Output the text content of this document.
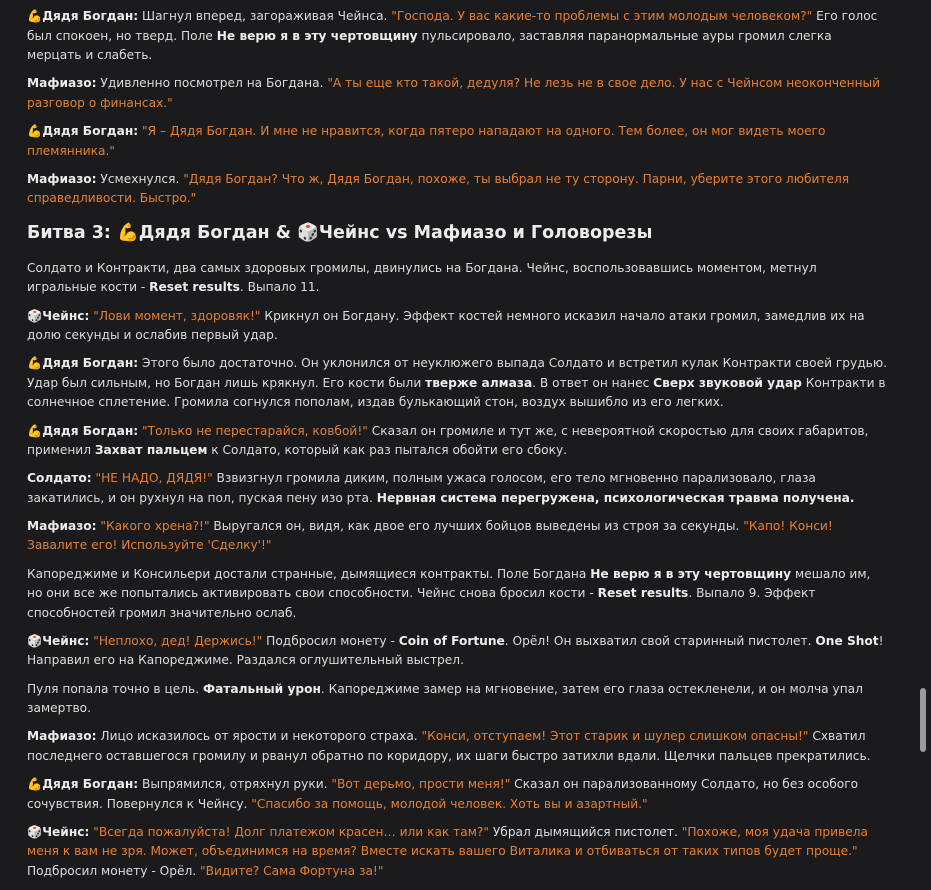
💪Дядя Богдан: Шагнул вперед, загораживая Чейнса. "Господа. У вас какие-то проблемы с этим молодым человеком?" Его голос был спокоен, но тверд. Поле Не верю я в эту чертовщину пульсировало, заставляя паранормальные ауры громил слегка мерцать и слабеть.

Мафиазо: Удивленно посмотрел на Богдана. "А ты еще кто такой, дедуля? Не лезь не в свое дело. У нас с Чейнсом неоконченный разговор о финансах."

💪Дядя Богдан: "Я – Дядя Богдан. И мне не нравится, когда пятеро нападают на одного. Тем более, он мог видеть моего племянника."

Мафиазо: Усмехнулся. "Дядя Богдан? Что ж, Дядя Богдан, похоже, ты выбрал не ту сторону. Парни, уберите этого любителя справедливости. Быстро."

Битва 3: 💪Дядя Богдан & 🎲Чейнс vs Мафиазо и Головорезы

Солдато и Контракти, два самых здоровых громилы, двинулись на Богдана. Чейнс, воспользовавшись моментом, метнул игральные кости - Reset results. Выпало 11.

🎲Чейнс: "Лови момент, здоровяк!" Крикнул он Богдану. Эффект костей немного исказил начало атаки громил, замедлив их на долю секунды и ослабив первый удар.

💪Дядя Богдан: Этого было достаточно. Он уклонился от неуклюжего выпада Солдато и встретил кулак Контракти своей грудью. Удар был сильным, но Богдан лишь крякнул. Его кости были тверже алмаза. В ответ он нанес Сверх звуковой удар Контракти в солнечное сплетение. Громила согнулся пополам, издав булькающий стон, воздух вышибло из его легких.

💪Дядя Богдан: "Только не перестарайся, ковбой!" Сказал он громиле и тут же, с невероятной скоростью для своих габаритов, применил Захват пальцем к Солдато, который как раз пытался обойти его сбоку.

Солдато: "НЕ НАДО, ДЯДЯ!" Взвизгнул громила диким, полным ужаса голосом, его тело мгновенно парализовало, глаза закатились, и он рухнул на пол, пуская пену изо рта. Нервная система перегружена, психологическая травма получена.

Мафиазо: "Какого хрена?!" Выругался он, видя, как двое его лучших бойцов выведены из строя за секунды. "Капо! Конси! Завалите его! Используйте 'Сделку'!"

Капореджиме и Консильери достали странные, дымящиеся контракты. Поле Богдана Не верю я в эту чертовщину мешало им, но они все же попытались активировать свои способности. Чейнс снова бросил кости - Reset results. Выпало 9. Эффект способностей громил значительно ослаб.

🎲Чейнс: "Неплохо, дед! Держись!" Подбросил монету - Coin of Fortune. Орёл! Он выхватил свой старинный пистолет. One Shot! Направил его на Капореджиме. Раздался оглушительный выстрел.

Пуля попала точно в цель. Фатальный урон. Капореджиме замер на мгновение, затем его глаза остекленели, и он молча упал замертво.

Мафиазо: Лицо исказилось от ярости и некоторого страха. "Конси, отступаем! Этот старик и шулер слишком опасны!" Схватил последнего оставшегося громилу и рванул обратно по коридору, их шаги быстро затихли вдали. Щелчки пальцев прекратились.

💪Дядя Богдан: Выпрямился, отряхнул руки. "Вот дерьмо, прости меня!" Сказал он парализованному Солдато, но без особого сочувствия. Повернулся к Чейнсу. "Спасибо за помощь, молодой человек. Хоть вы и азартный."

🎲Чейнс: "Всегда пожалуйста! Долг платежом красен… или как там?" Убрал дымящийся пистолет. "Похоже, моя удача привела меня к вам не зря. Может, объединимся на время? Вместе искать вашего Виталика и отбиваться от таких типов будет проще." Подбросил монету - Орёл. "Видите? Сама Фортуна за!"
